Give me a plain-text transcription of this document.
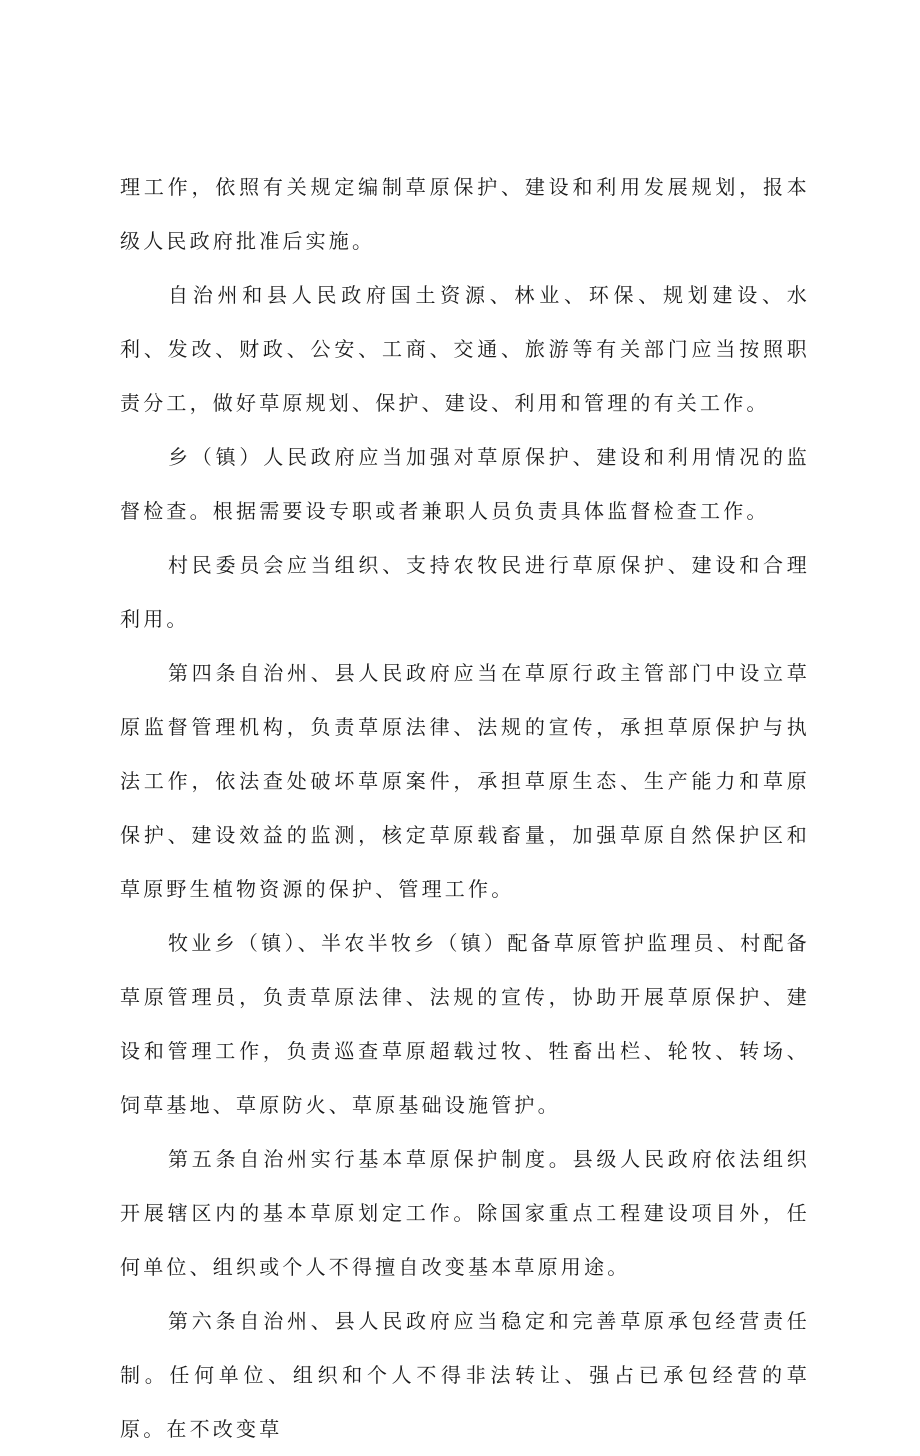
理工作，依照有关规定编制草原保护、建设和利用发展规划，报本级人民政府批准后实施。

自治州和县人民政府国土资源、林业、环保、规划建设、水利、发改、财政、公安、工商、交通、旅游等有关部门应当按照职责分工，做好草原规划、保护、建设、利用和管理的有关工作。

乡（镇）人民政府应当加强对草原保护、建设和利用情况的监督检查。根据需要设专职或者兼职人员负责具体监督检查工作。

村民委员会应当组织、支持农牧民进行草原保护、建设和合理利用。

第四条自治州、县人民政府应当在草原行政主管部门中设立草原监督管理机构，负责草原法律、法规的宣传，承担草原保护与执法工作，依法查处破坏草原案件，承担草原生态、生产能力和草原保护、建设效益的监测，核定草原载畜量，加强草原自然保护区和草原野生植物资源的保护、管理工作。

牧业乡（镇）、半农半牧乡（镇）配备草原管护监理员、村配备草原管理员，负责草原法律、法规的宣传，协助开展草原保护、建设和管理工作，负责巡查草原超载过牧、牲畜出栏、轮牧、转场、饲草基地、草原防火、草原基础设施管护。

第五条自治州实行基本草原保护制度。县级人民政府依法组织开展辖区内的基本草原划定工作。除国家重点工程建设项目外，任何单位、组织或个人不得擅自改变基本草原用途。

第六条自治州、县人民政府应当稳定和完善草原承包经营责任制。任何单位、组织和个人不得非法转让、强占已承包经营的草原。在不改变草
